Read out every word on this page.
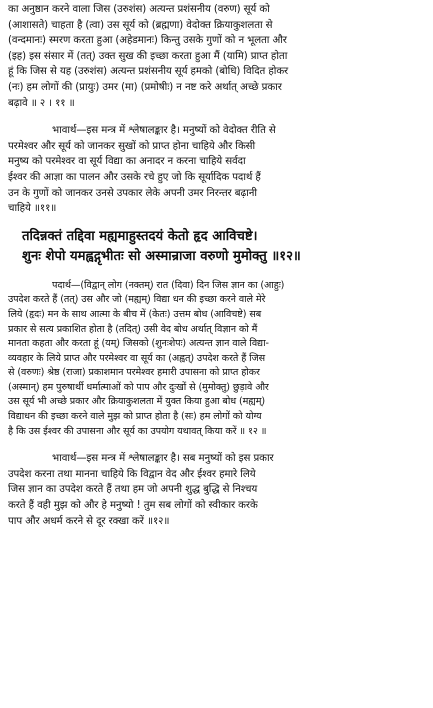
का अनुष्ठान करने वाला जिस (उरुशंस) अत्यन्त प्रशंसनीय (वरुण) सूर्य को
(आशासते) चाहता है (त्वा) उस सूर्य को (ब्रह्मणा) वेदोक्त क्रियाकुशलता से
(वन्दमानः) स्मरण करता हुआ (अहेडमानः) किन्तु उसके गुणों को न भूलता और
(इह) इस संसार में (तत्) उक्त सुख की इच्छा करता हुआ मैं (यामि) प्राप्त होता
हूं कि जिस से यह (उरुशंस) अत्यन्त प्रशंसनीय सूर्य हमको (बोधि) विदित होकर
(नः) हम लोगों की (प्रायुः) उमर (मा) (प्रमोषीः) न नष्ट करे अर्थात् अच्छे प्रकार
बढ़ावे ॥ २ । ११ ॥
भावार्थ—इस मन्त्र में श्लेषालङ्कार है। मनुष्यों को वेदोक्त रीति से
परमेश्वर और सूर्य को जानकर सुखों को प्राप्त होना चाहिये और किसी
मनुष्य को परमेश्वर वा सूर्य विद्या का अनादर न करना चाहिये सर्वदा
ईश्वर की आज्ञा का पालन और उसके रचे हुए जो कि सूर्यादिक पदार्थ हैं
उन के गुणों को जानकर उनसे उपकार लेके अपनी उमर निरन्तर बढ़ानी
चाहिये ॥११॥
तदिन्नक्तं तद्दिवा मह्यमाहुस्तदयं केतो हृद आविचष्टे।
शुनः शेपो यमह्वद्गृभीतः सो अस्मान्राजा वरुणो मुमोक्तु ॥१२॥
पदार्थ—(विद्वान् लोग (नक्तम्) रात (दिवा) दिन जिस ज्ञान का (आहुः)
उपदेश करते हैं (तत्) उस और जो (मह्यम्) विद्या धन की इच्छा करने वाले मेरे
लिये (हृदः) मन के साथ आत्मा के बीच में (केतः) उत्तम बोध (आविचष्टे) सब
प्रकार से सत्य प्रकाशित होता है (तदित्) उसी वेद बोध अर्थात् विज्ञान को मैं
मानता कहता और करता हूं (यम्) जिसको (शुनःशेपः) अत्यन्त ज्ञान वाले विद्या-
व्यवहार के लिये प्राप्त और परमेश्वर वा सूर्य का (अह्वत्) उपदेश करते हैं जिस
से (वरुणः) श्रेष्ठ (राजा) प्रकाशमान परमेश्वर हमारी उपासना को प्राप्त होकर
(अस्मान्) हम पुरुषार्थी धर्मात्माओं को पाप और दुःखों से (मुमोक्तु) छुड़ावे और
उस सूर्य भी अच्छे प्रकार और क्रियाकुशलता में युक्त किया हुआ बोध (मह्यम्)
विद्याधन की इच्छा करने वाले मुझ को प्राप्त होता है (सः) हम लोगों को योग्य
है कि उस ईश्वर की उपासना और सूर्य का उपयोग यथावत् किया करें ॥ १२ ॥
भावार्थ—इस मन्त्र में श्लेषालङ्कार है। सब मनुष्यों को इस प्रकार
उपदेश करना तथा मानना चाहिये कि विद्वान वेद और ईश्वर हमारे लिये
जिस ज्ञान का उपदेश करते हैं तथा हम जो अपनी शुद्ध बुद्धि से निश्चय
करते हैं वही मुझ को और हे मनुष्यो ! तुम सब लोगों को स्वीकार करके
पाप और अधर्म करने से दूर रक्खा करें ॥१२॥
